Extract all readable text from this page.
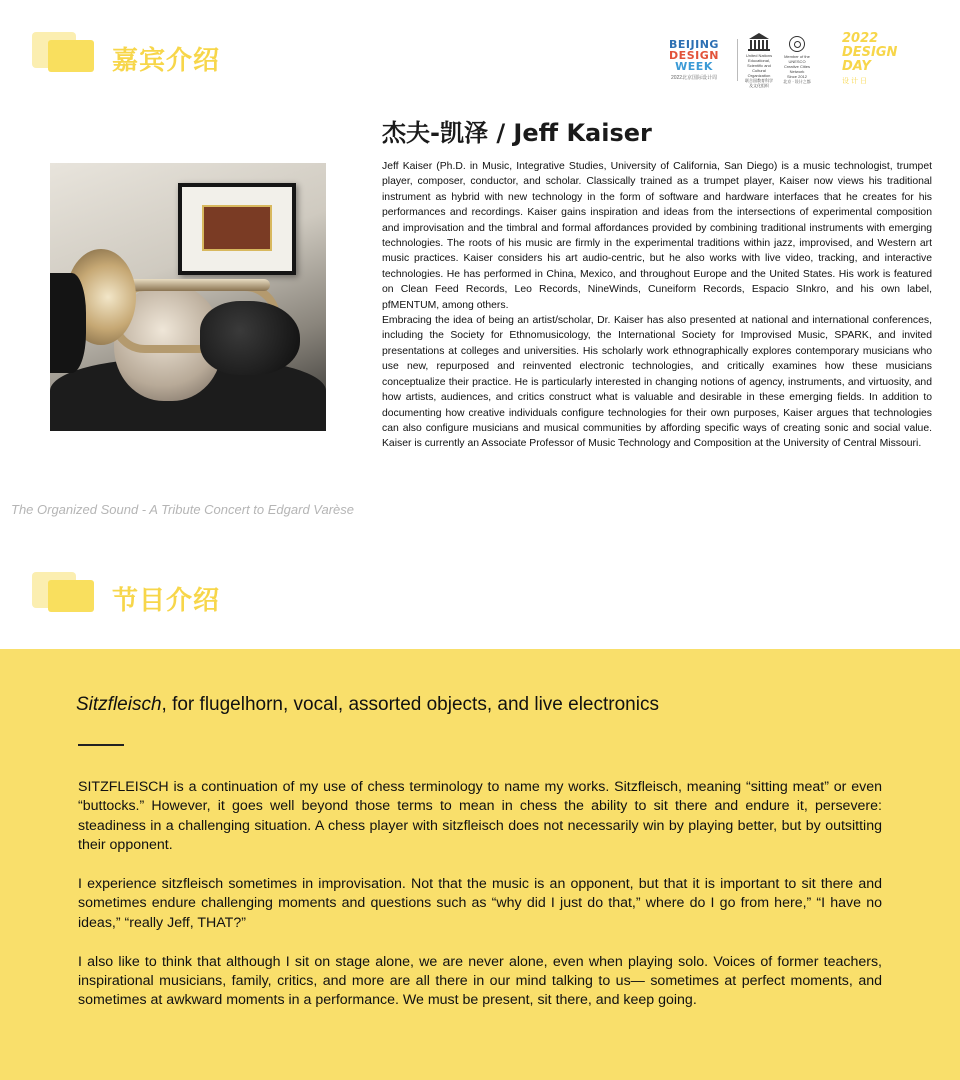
嘉宾介绍
BEIJING
DESIGN
WEEK
2022北京国际设计周
United Nations
Educational, Scientific and
Cultural Organization
联合国教育科学及文化组织
Member of the UNESCO
Creative Cities Network
Since 2012
北京 · 设计之都
2022
DESIGN
DAY
设计日
杰夫-凯泽 / Jeff Kaiser

Jeff Kaiser (Ph.D. in Music, Integrative Studies, University of California, San Diego) is a music technologist, trumpet player, composer, conductor, and scholar. Classically trained as a trumpet player, Kaiser now views his traditional instrument as hybrid with new technology in the form of software and hardware interfaces that he creates for his performances and recordings. Kaiser gains inspiration and ideas from the intersections of experimental composition and improvisation and the timbral and formal affordances provided by combining traditional instruments with emerging technologies. The roots of his music are firmly in the experimental traditions within jazz, improvised, and Western art music practices. Kaiser considers his art audio-centric, but he also works with live video, tracking, and interactive technologies. He has performed in China, Mexico, and throughout Europe and the United States. His work is featured on Clean Feed Records, Leo Records, NineWinds, Cuneiform Records, Espacio SInkro, and his own label, pfMENTUM, among others.

Embracing the idea of being an artist/scholar, Dr. Kaiser has also presented at national and international conferences, including the Society for Ethnomusicology, the International Society for Improvised Music, SPARK, and invited presentations at colleges and universities. His scholarly work ethnographically explores contemporary musicians who use new, repurposed and reinvented electronic technologies, and critically examines how these musicians conceptualize their practice. He is particularly interested in changing notions of agency, instruments, and virtuosity, and how artists, audiences, and critics construct what is valuable and desirable in these emerging fields. In addition to documenting how creative individuals configure technologies for their own purposes, Kaiser argues that technologies can also configure musicians and musical communities by affording specific ways of creating sonic and social value. Kaiser is currently an Associate Professor of Music Technology and Composition at the University of Central Missouri.

The Organized Sound - A Tribute Concert to Edgard Varèse
节目介绍
Sitzfleisch, for flugelhorn, vocal, assorted objects, and live electronics

SITZFLEISCH is a continuation of my use of chess terminology to name my works. Sitzfleisch, meaning “sitting meat” or even “buttocks.” However, it goes well beyond those terms to mean in chess the ability to sit there and endure it, persevere: steadiness in a challenging situation. A chess player with sitzfleisch does not necessarily win by playing better, but by outsitting their opponent.

I experience sitzfleisch sometimes in improvisation. Not that the music is an opponent, but that it is important to sit there and sometimes endure challenging moments and questions such as “why did I just do that,” where do I go from here,” “I have no ideas,” “really Jeff, THAT?”

I also like to think that although I sit on stage alone, we are never alone, even when playing solo. Voices of former teachers, inspirational musicians, family, critics, and more are all there in our mind talking to us— sometimes at perfect moments, and sometimes at awkward moments in a performance. We must be present, sit there, and keep going.
